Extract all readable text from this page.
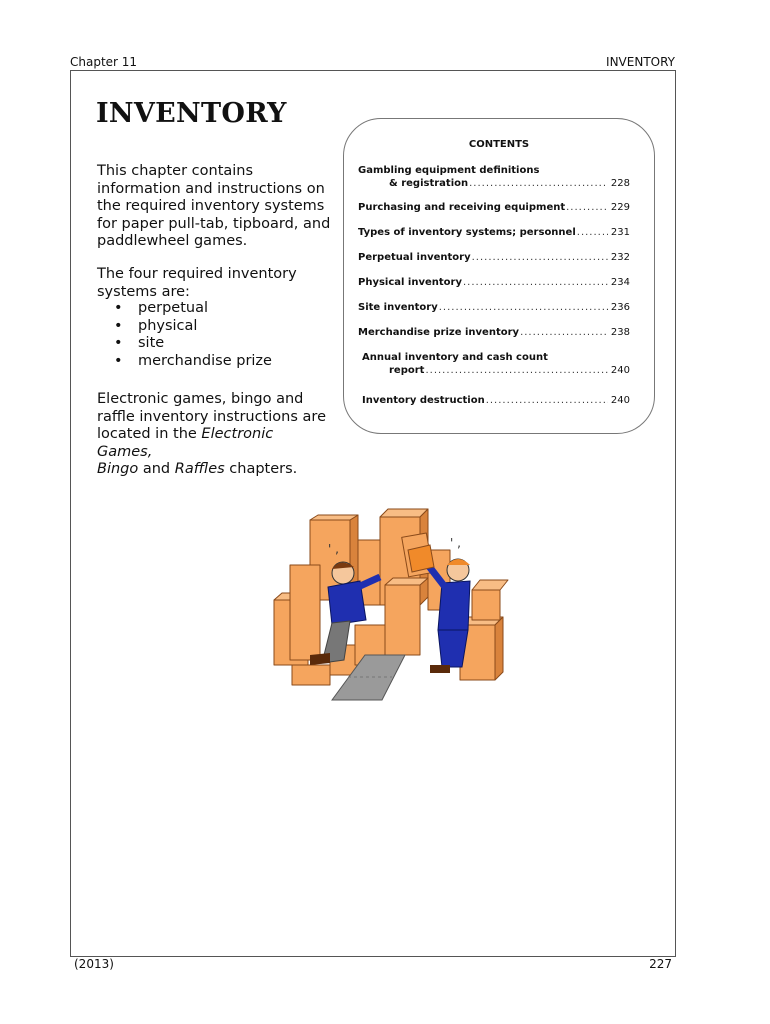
Chapter 11	INVENTORY
INVENTORY

This chapter contains information and instructions on the required inventory systems for paper pull-tab, tipboard, and paddlewheel games.

The four required inventory systems are:

• perpetual
• physical
• site
• merchandise prize

Electronic games, bingo and raffle inventory instructions are located in the Electronic Games,
Bingo and Raffles chapters.

CONTENTS
Gambling equipment definitions
& registration .....	228
Purchasing and receiving equipment .....	229
Types of inventory systems; personnel .....	231
Perpetual inventory .....	232
Physical inventory .....	234
Site inventory .....	236
Merchandise prize inventory .....	238
Annual inventory and cash count
report .....	240
Inventory destruction .....	240
' ,	' ,
(2013)	227
